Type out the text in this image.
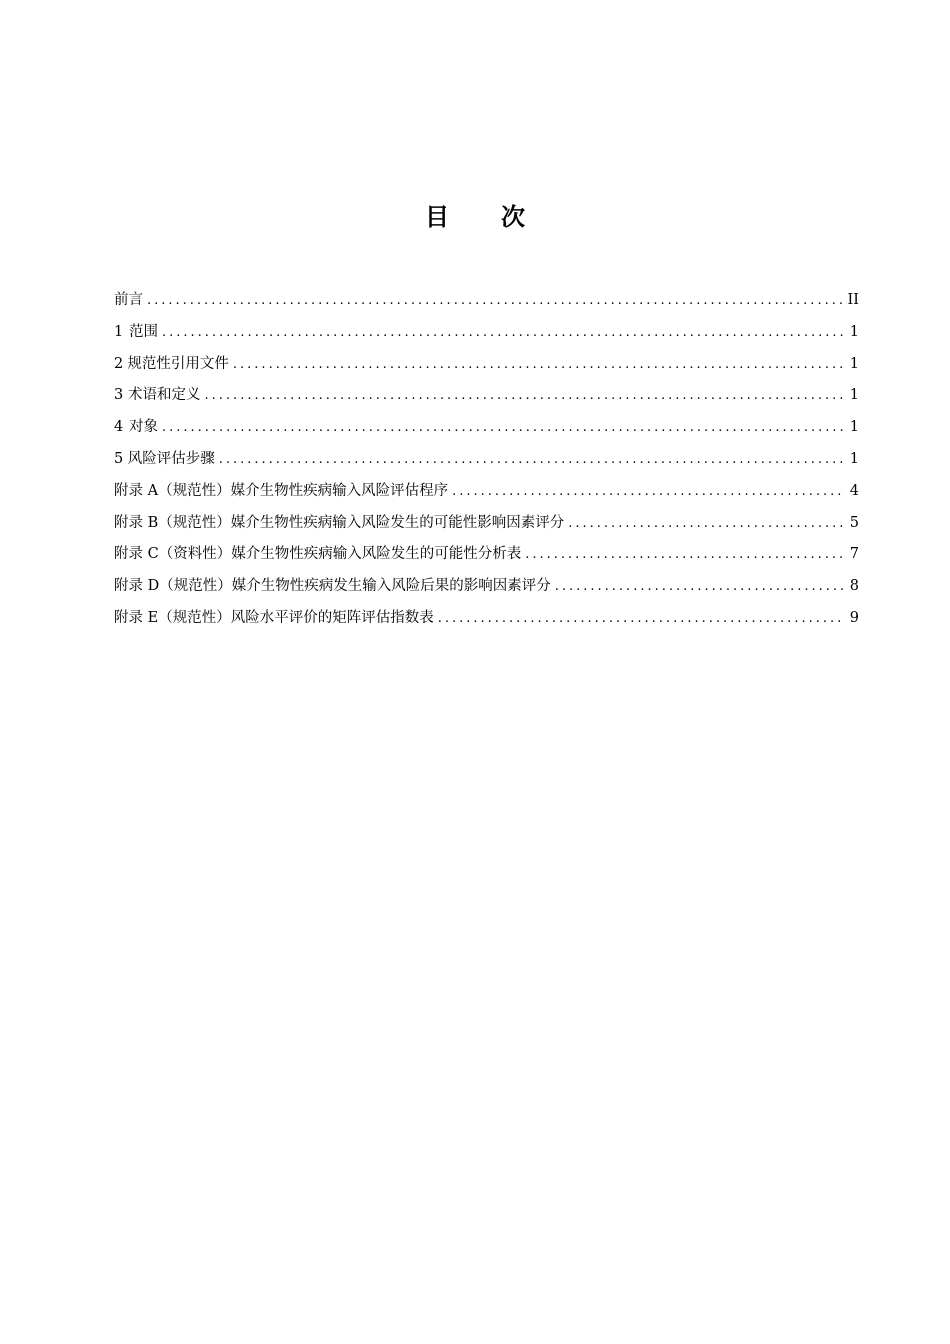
目 次
前言 .....	II
1 范围 .....	1
2 规范性引用文件 .....	1
3 术语和定义 .....	1
4 对象 .....	1
5 风险评估步骤 .....	1
附录 A（规范性） 媒介生物性疾病输入风险评估程序 .....	4
附录 B（规范性） 媒介生物性疾病输入风险发生的可能性影响因素评分 .....	5
附录 C（资料性） 媒介生物性疾病输入风险发生的可能性分析表 .....	7
附录 D（规范性） 媒介生物性疾病发生输入风险后果的影响因素评分 .....	8
附录 E（规范性） 风险水平评价的矩阵评估指数表 .....	9
